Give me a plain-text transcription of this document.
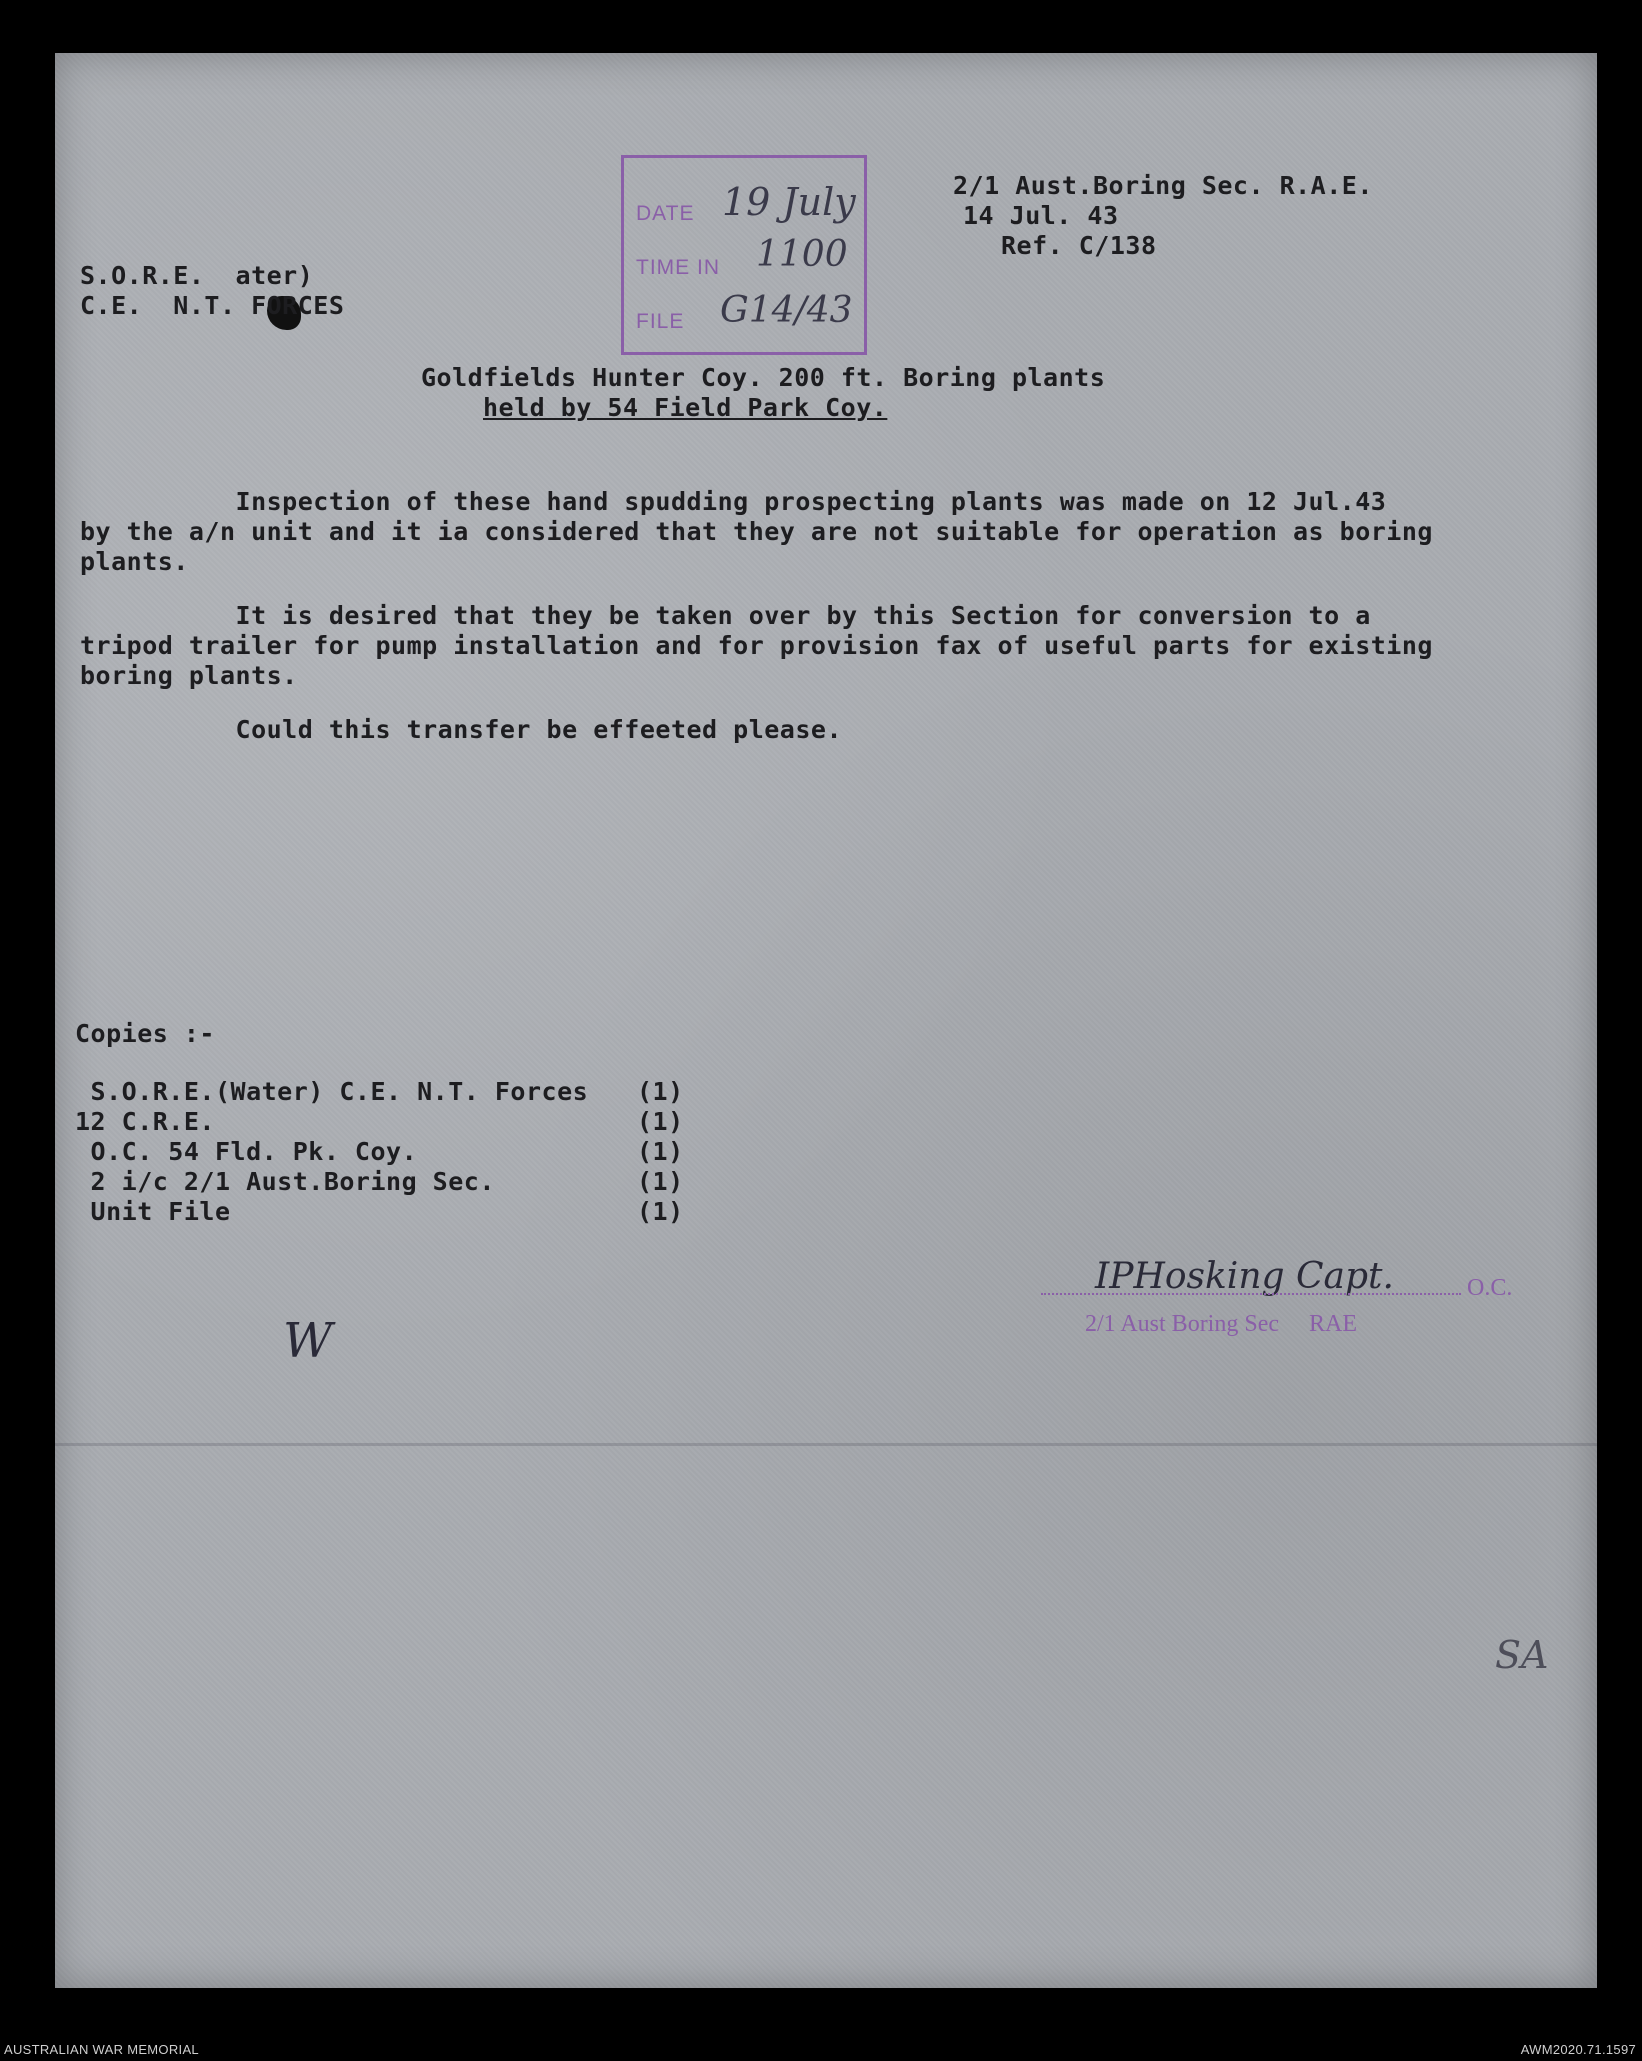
DATE 19 July
TIME IN 1100
FILE G14/43
2/1 Aust.Boring Sec. R.A.E.
14 Jul. 43
Ref. C/138
S.O.R.E.  ater)
C.E.  N.T. FORCES
Goldfields Hunter Coy. 200 ft. Boring plants
held by 54 Field Park Coy.
Inspection of these hand spudding prospecting plants was made on 12 Jul.43
by the a/n unit and it ia considered that they are not suitable for operation as boring
plants.
It is desired that they be taken over by this Section for conversion to a
tripod trailer for pump installation and for provision fax of useful parts for existing
boring plants.
Could this transfer be effeeted please.
Copies :-
S.O.R.E.(Water) C.E. N.T. Forces (1)
12 C.R.E.	(1)
O.C. 54 Fld. Pk. Coy.	(1)
2 i/c 2/1 Aust.Boring Sec.	(1)
Unit File	(1)
IPHosking Capt.	O.C.
2/1 Aust Boring Sec     RAE
W
SA
AUSTRALIAN WAR MEMORIAL	AWM2020.71.1597
